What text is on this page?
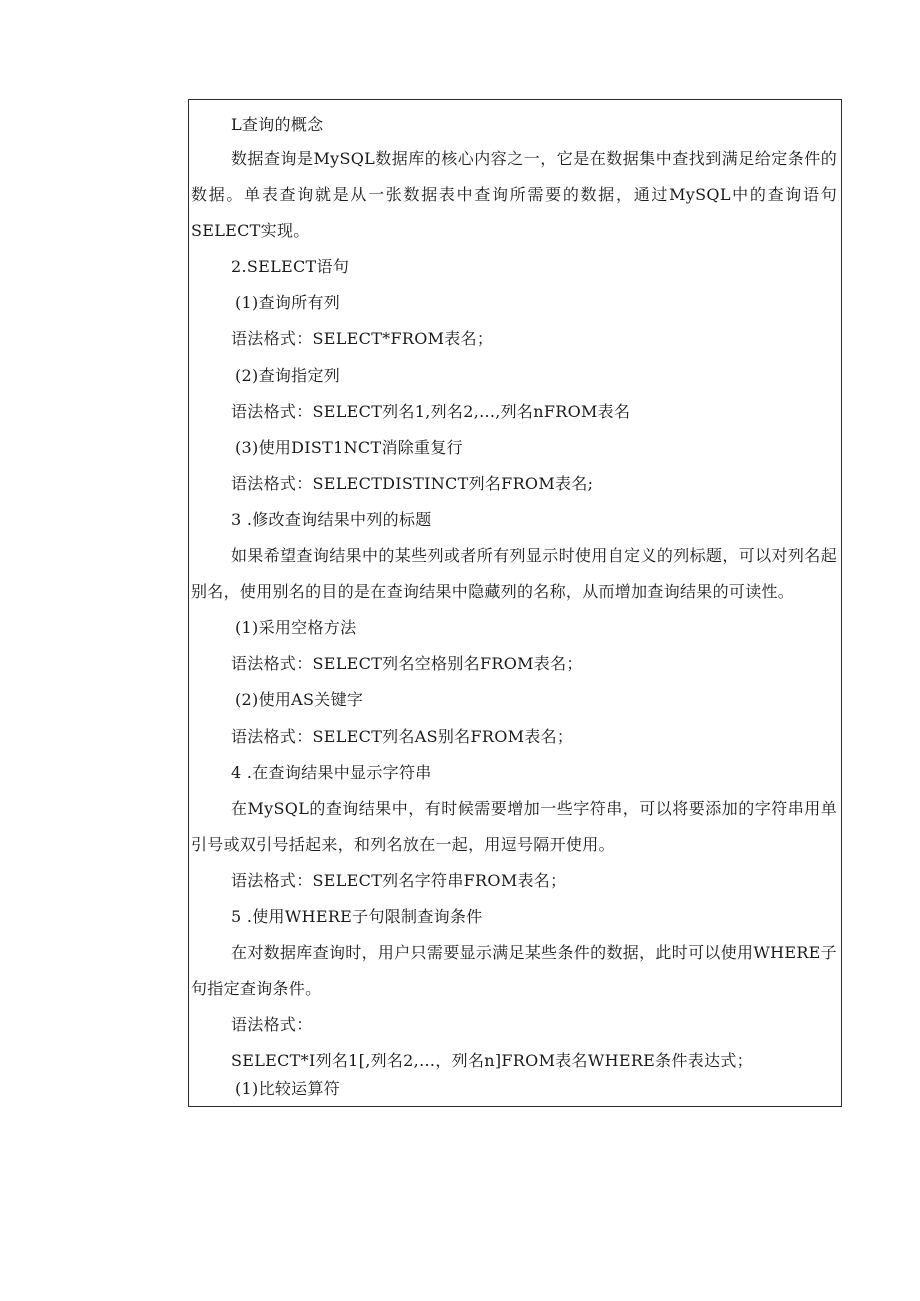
L查询的概念
数据查询是MySQL数据库的核心内容之一，它是在数据集中查找到满足给定条件的数据。单表查询就是从一张数据表中查询所需要的数据，通过MySQL中的查询语句SELECT实现。
2.SELECT语句
(1)查询所有列
语法格式：SELECT*FROM表名；
(2)查询指定列
语法格式：SELECT列名1,列名2,...,列名nFROM表名
(3)使用DIST1NCT消除重复行
语法格式：SELECTDISTINCT列名FROM表名;
3 .修改查询结果中列的标题
如果希望查询结果中的某些列或者所有列显示时使用自定义的列标题，可以对列名起别名，使用别名的目的是在查询结果中隐藏列的名称，从而增加查询结果的可读性。
(1)采用空格方法
语法格式：SELECT列名空格别名FROM表名；
(2)使用AS关键字
语法格式：SELECT列名AS别名FROM表名；
4 .在查询结果中显示字符串
在MySQL的查询结果中，有时候需要增加一些字符串，可以将要添加的字符串用单引号或双引号括起来，和列名放在一起，用逗号隔开使用。
语法格式：SELECT列名字符串FROM表名；
5 .使用WHERE子句限制查询条件
在对数据库查询时，用户只需要显示满足某些条件的数据，此时可以使用WHERE子句指定查询条件。
语法格式：
SELECT*I列名1[,列名2,…，列名n]FROM表名WHERE条件表达式；
(1)比较运算符
